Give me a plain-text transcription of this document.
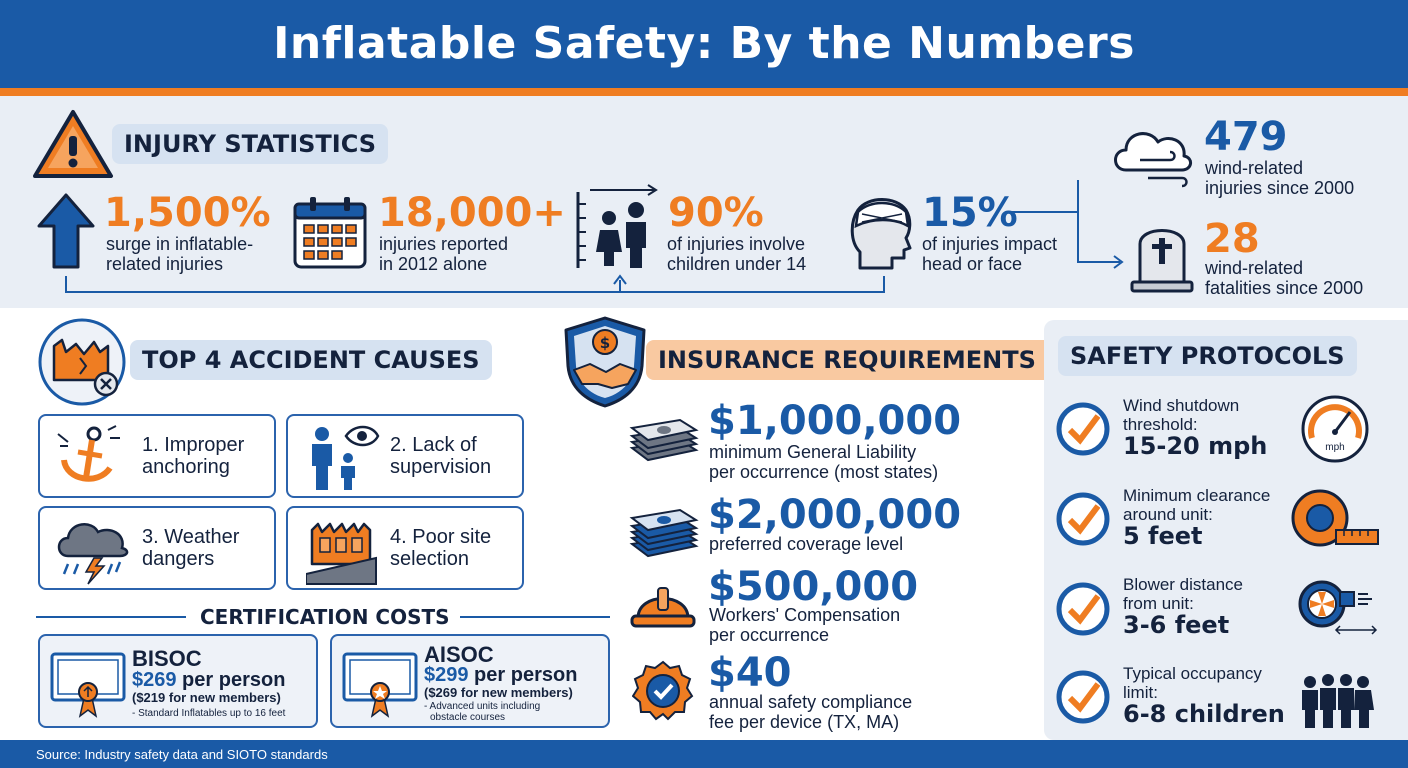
Inflatable Safety: By the Numbers
INJURY STATISTICS
1,500%
surge in inflatable-
related injuries
18,000+
injuries reported
in 2012 alone
90%
of injuries involve
children under 14
15%
of injuries impact
head or face
479
wind-related
injuries since 2000
28
wind-related
fatalities since 2000
TOP 4 ACCIDENT CAUSES
1. Improper
anchoring
2. Lack of
supervision
3. Weather
dangers
4. Poor site
selection
CERTIFICATION COSTS
BISOC
$269 per person
($219 for new members)
- Standard Inflatables up to 16 feet
AISOC
$299 per person
($269 for new members)
- Advanced units including
obstacle courses
$
INSURANCE REQUIREMENTS
$1,000,000
minimum General Liability
per occurrence (most states)
$2,000,000
preferred coverage level
$500,000
Workers' Compensation
per occurrence
$40
annual safety compliance
fee per device (TX, MA)
SAFETY PROTOCOLS
Wind shutdown
threshold:
15-20 mph	mph
Minimum clearance
around unit:
5 feet
Blower distance
from unit:
3-6 feet
Typical occupancy
limit:
6-8 children
Source: Industry safety data and SIOTO standards
